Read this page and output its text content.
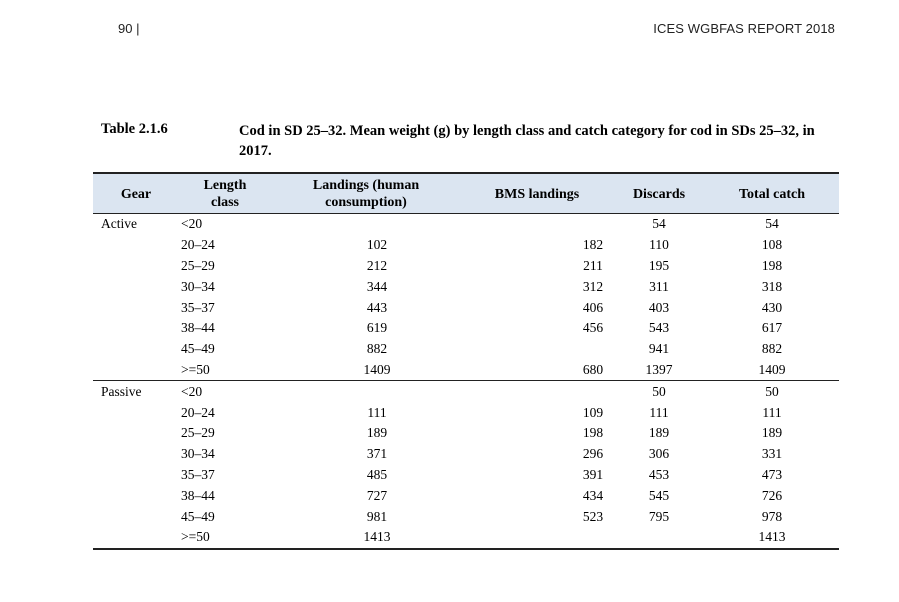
90 |	ICES WGBFAS REPORT 2018
Table 2.1.6	Cod in SD 25–32. Mean weight (g) by length class and catch category for cod in SDs 25–32, in 2017.
Gear	Length class	Landings (human consumption)	BMS landings	Discards	Total catch
Active	<20			54	54
	20–24	102	182	110	108
	25–29	212	211	195	198
	30–34	344	312	311	318
	35–37	443	406	403	430
	38–44	619	456	543	617
	45–49	882		941	882
	>=50	1409	680	1397	1409
Passive	<20			50	50
	20–24	111	109	111	111
	25–29	189	198	189	189
	30–34	371	296	306	331
	35–37	485	391	453	473
	38–44	727	434	545	726
	45–49	981	523	795	978
	>=50	1413			1413
